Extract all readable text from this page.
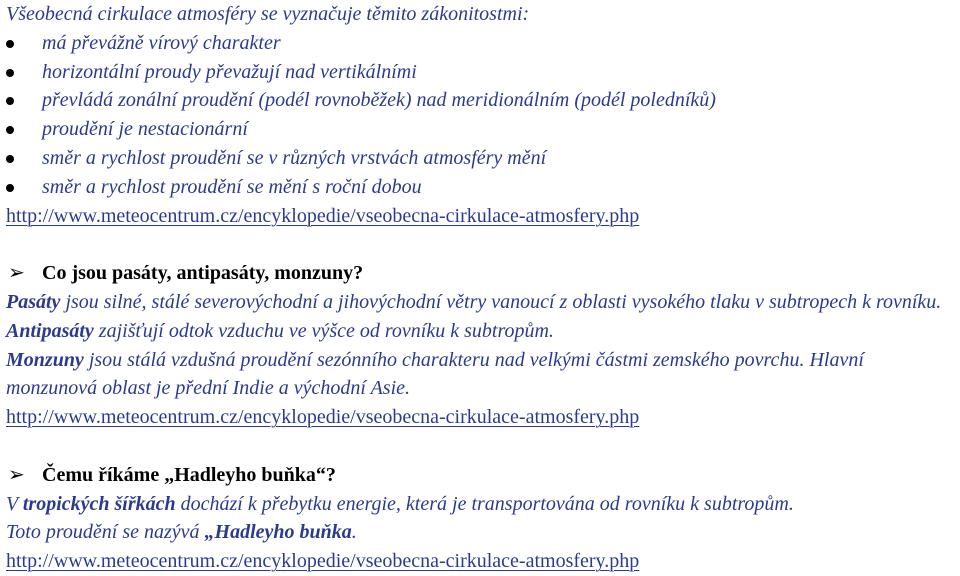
Všeobecná cirkulace atmosféry se vyznačuje těmito zákonitostmi:
má převážně vírový charakter
horizontální proudy převažují nad vertikálními
převládá zonální proudění (podél rovnoběžek) nad meridionálním (podél poledníků)
proudění je nestacionární
směr a rychlost proudění se v různých vrstvách atmosféry mění
směr a rychlost proudění se mění s roční dobou
http://www.meteocentrum.cz/encyklopedie/vseobecna-cirkulace-atmosfery.php
➢ Co jsou pasáty, antipasáty, monzuny?
Pasáty jsou silné, stálé severovýchodní a jihovýchodní větry vanoucí z oblasti vysokého tlaku v subtropech k rovníku. Antipasáty zajišťují odtok vzduchu ve výšce od rovníku k subtropům.
Monzuny jsou stálá vzdušná proudění sezónního charakteru nad velkými částmi zemského povrchu. Hlavní monzunová oblast je přední Indie a východní Asie.
http://www.meteocentrum.cz/encyklopedie/vseobecna-cirkulace-atmosfery.php
➢ Čemu říkáme „Hadleyho buňka“?
V tropických šířkách dochází k přebytku energie, která je transportována od rovníku k subtropům.
Toto proudění se nazývá „Hadleyho buňka.
http://www.meteocentrum.cz/encyklopedie/vseobecna-cirkulace-atmosfery.php
